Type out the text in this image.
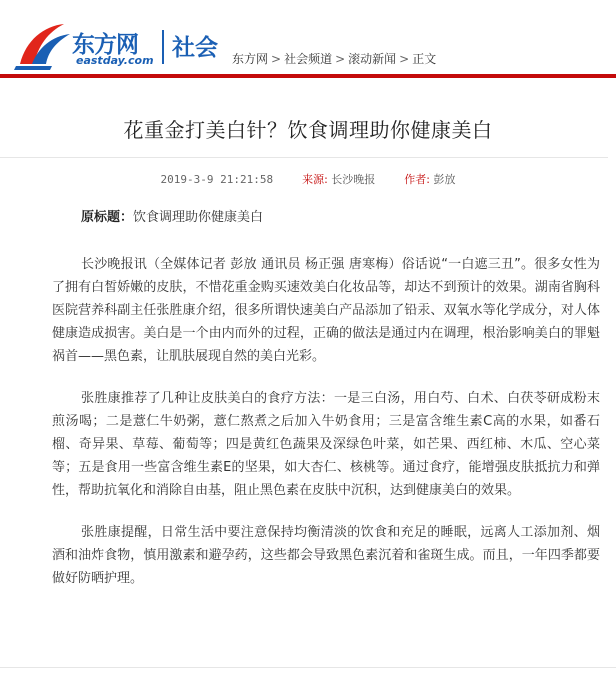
东方网
eastday.com 社会 东方网 > 社会频道 > 滚动新闻 > 正文
花重金打美白针？饮食调理助你健康美白
2019-3-9 21:21:58	来源: 长沙晚报	作者: 彭放

原标题：饮食调理助你健康美白

长沙晚报讯（全媒体记者 彭放 通讯员 杨正强 唐寒梅）俗话说“一白遮三丑”。很多女性为了拥有白皙娇嫩的皮肤，不惜花重金购买速效美白化妆品等，却达不到预计的效果。湖南省胸科医院营养科副主任张胜康介绍，很多所谓快速美白产品添加了铅汞、双氧水等化学成分，对人体健康造成损害。美白是一个由内而外的过程，正确的做法是通过内在调理，根治影响美白的罪魁祸首——黑色素，让肌肤展现自然的美白光彩。

张胜康推荐了几种让皮肤美白的食疗方法：一是三白汤，用白芍、白术、白茯苓研成粉末煎汤喝；二是薏仁牛奶粥，薏仁熬煮之后加入牛奶食用；三是富含维生素C高的水果，如番石榴、奇异果、草莓、葡萄等；四是黄红色蔬果及深绿色叶菜，如芒果、西红柿、木瓜、空心菜等；五是食用一些富含维生素E的坚果，如大杏仁、核桃等。通过食疗，能增强皮肤抵抗力和弹性，帮助抗氧化和消除自由基，阻止黑色素在皮肤中沉积，达到健康美白的效果。

张胜康提醒，日常生活中要注意保持均衡清淡的饮食和充足的睡眠，远离人工添加剂、烟酒和油炸食物，慎用激素和避孕药，这些都会导致黑色素沉着和雀斑生成。而且，一年四季都要做好防晒护理。
